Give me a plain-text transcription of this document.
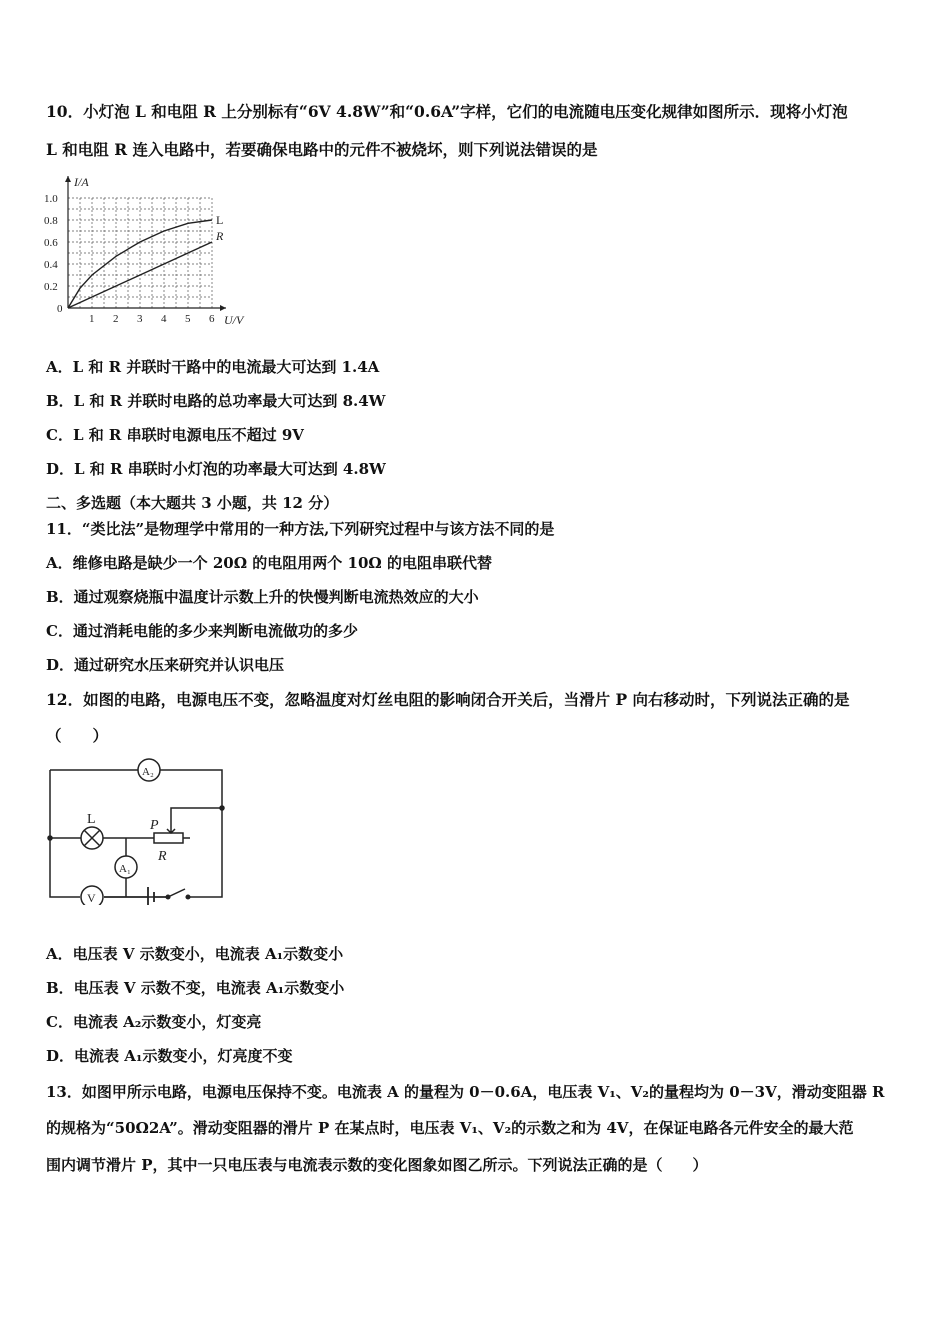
10．小灯泡 L 和电阻 R 上分别标有“6V 4.8W”和“0.6A”字样，它们的电流随电压变化规律如图所示．现将小灯泡
L 和电阻 R 连入电路中，若要确保电路中的元件不被烧坏，则下列说法错误的是
I/A
U/V
0
1 2 3 4 5 6
0.2
0.4
0.6
0.8
1.0
L
R
A．L 和 R 并联时干路中的电流最大可达到 1.4A
B．L 和 R 并联时电路的总功率最大可达到 8.4W
C．L 和 R 串联时电源电压不超过 9V
D．L 和 R 串联时小灯泡的功率最大可达到 4.8W
二、多选题（本大题共 3 小题，共 12 分）
11．“类比法”是物理学中常用的一种方法,下列研究过程中与该方法不同的是
A．维修电路是缺少一个 20Ω 的电阻用两个 10Ω 的电阻串联代替
B．通过观察烧瓶中温度计示数上升的快慢判断电流热效应的大小
C．通过消耗电能的多少来判断电流做功的多少
D．通过研究水压来研究并认识电压
12．如图的电路，电源电压不变，忽略温度对灯丝电阻的影响闭合开关后，当滑片 P 向右移动时，下列说法正确的是
（　　）
A₂
L
A₁
P
R
V
A．电压表 V 示数变小，电流表 A₁示数变小
B．电压表 V 示数不变，电流表 A₁示数变小
C．电流表 A₂示数变小，灯变亮
D．电流表 A₁示数变小，灯亮度不变
13．如图甲所示电路，电源电压保持不变。电流表 A 的量程为 0－0.6A，电压表 V₁、V₂的量程均为 0－3V，滑动变阻器 R
的规格为“50Ω2A”。滑动变阻器的滑片 P 在某点时，电压表 V₁、V₂的示数之和为 4V，在保证电路各元件安全的最大范
围内调节滑片 P，其中一只电压表与电流表示数的变化图象如图乙所示。下列说法正确的是（　　）
